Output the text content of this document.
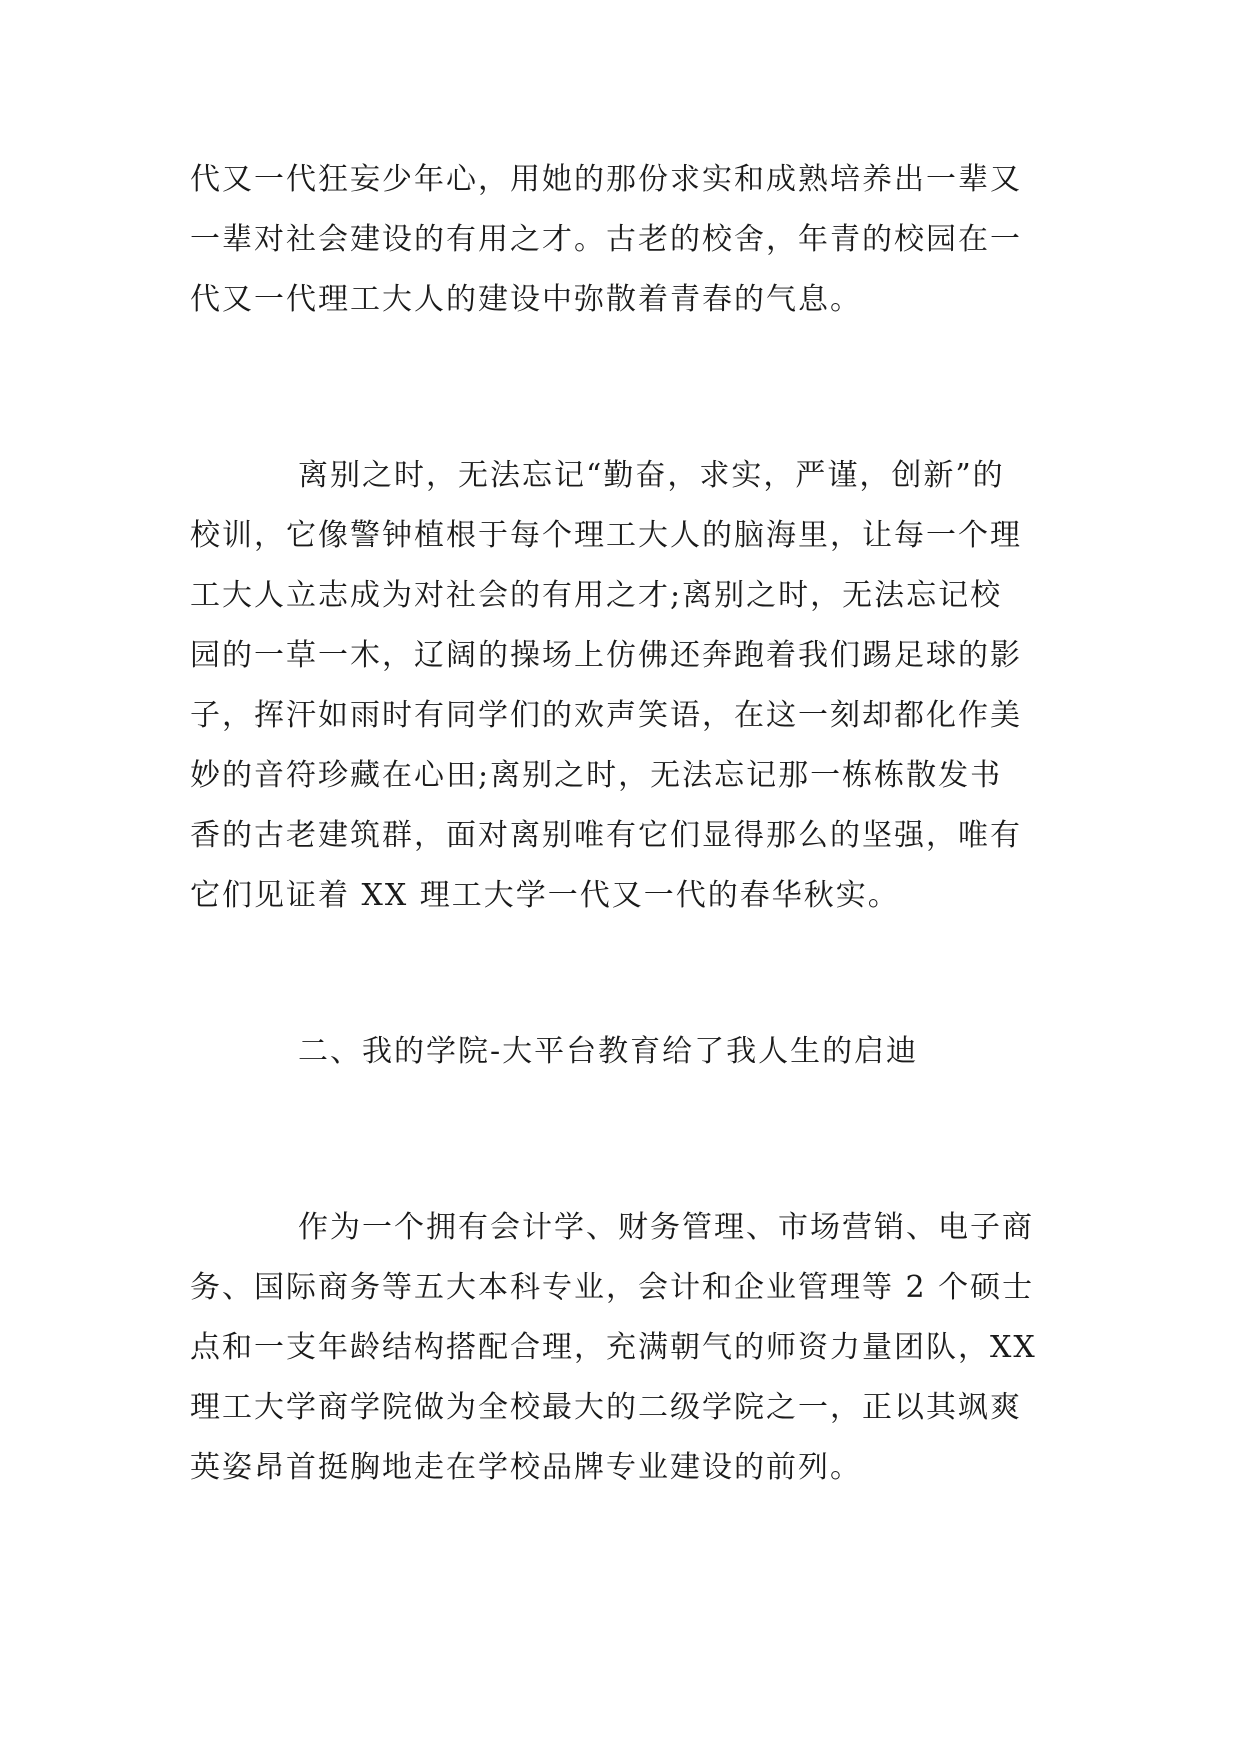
代又一代狂妄少年心，用她的那份求实和成熟培养出一辈又
一辈对社会建设的有用之才。古老的校舍，年青的校园在一
代又一代理工大人的建设中弥散着青春的气息。
离别之时，无法忘记“勤奋，求实，严谨，创新”的
校训，它像警钟植根于每个理工大人的脑海里，让每一个理
工大人立志成为对社会的有用之才;离别之时，无法忘记校
园的一草一木，辽阔的操场上仿佛还奔跑着我们踢足球的影
子，挥汗如雨时有同学们的欢声笑语，在这一刻却都化作美
妙的音符珍藏在心田;离别之时，无法忘记那一栋栋散发书
香的古老建筑群，面对离别唯有它们显得那么的坚强，唯有
它们见证着 XX 理工大学一代又一代的春华秋实。
二、我的学院-大平台教育给了我人生的启迪
作为一个拥有会计学、财务管理、市场营销、电子商
务、国际商务等五大本科专业，会计和企业管理等 2 个硕士
点和一支年龄结构搭配合理，充满朝气的师资力量团队，XX
理工大学商学院做为全校最大的二级学院之一，正以其飒爽
英姿昂首挺胸地走在学校品牌专业建设的前列。
